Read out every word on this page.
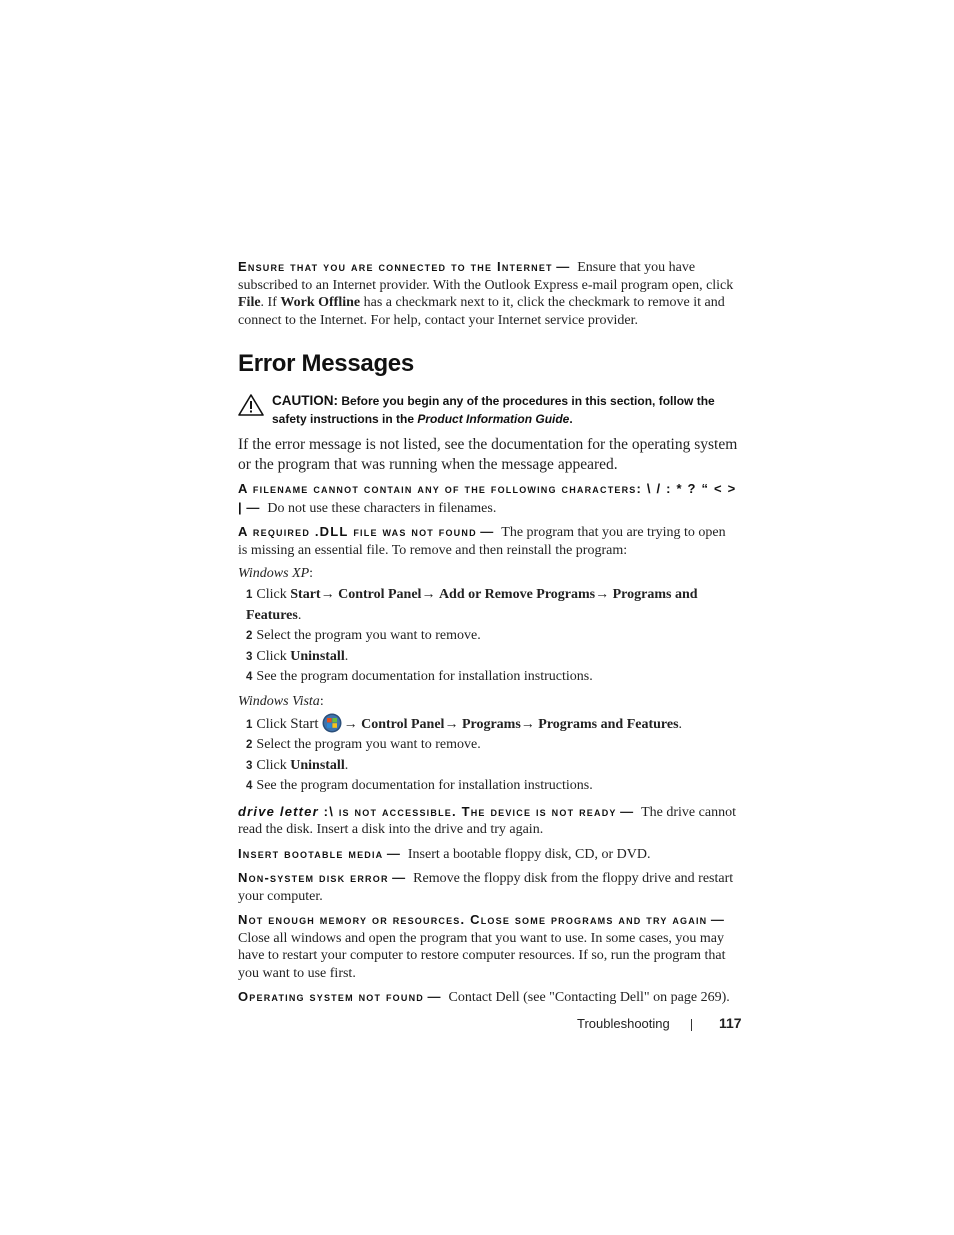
Ensure that you are connected to the Internet — Ensure that you have subscribed to an Internet provider. With the Outlook Express e-mail program open, click File. If Work Offline has a checkmark next to it, click the checkmark to remove it and connect to the Internet. For help, contact your Internet service provider.

Error Messages
CAUTION: Before you begin any of the procedures in this section, follow the safety instructions in the Product Information Guide.

If the error message is not listed, see the documentation for the operating system or the program that was running when the message appeared.

A filename cannot contain any of the following characters: \ / : * ? “ < > | — Do not use these characters in filenames.

A required .DLL file was not found — The program that you are trying to open is missing an essential file. To remove and then reinstall the program:

Windows XP:

1 Click Start→ Control Panel→ Add or Remove Programs→ Programs and Features.
2 Select the program you want to remove.
3 Click Uninstall.
4 See the program documentation for installation instructions.

Windows Vista:

1 Click Start → Control Panel→ Programs→ Programs and Features.
2 Select the program you want to remove.
3 Click Uninstall.
4 See the program documentation for installation instructions.

drive letter :\ is not accessible. The device is not ready — The drive cannot read the disk. Insert a disk into the drive and try again.

Insert bootable media — Insert a bootable floppy disk, CD, or DVD.

Non-system disk error — Remove the floppy disk from the floppy drive and restart your computer.

Not enough memory or resources. Close some programs and try again —Close all windows and open the program that you want to use. In some cases, you may have to restart your computer to restore computer resources. If so, run the program that you want to use first.

Operating system not found — Contact Dell (see "Contacting Dell" on page 269).

Troubleshooting	117
